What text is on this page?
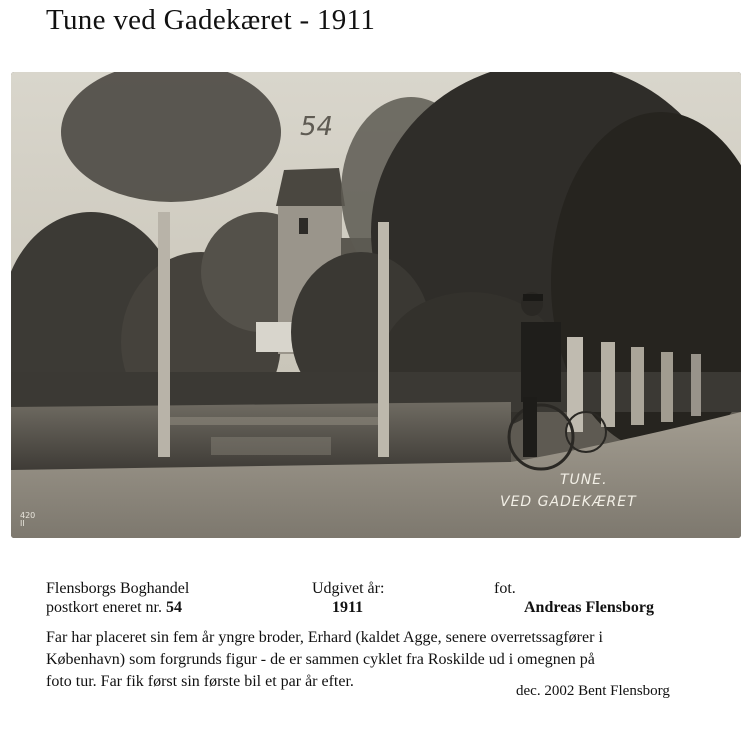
Tune ved Gadekæret - 1911
54
TUNE.
VED GADEKÆRET
420
II
Flensborgs Boghandel
postkort eneret nr. 54
Udgivet år:
1911
fot.
Andreas Flensborg
Far har placeret sin fem år yngre broder, Erhard (kaldet Agge, senere overretssagfører i
København) som forgrunds figur - de er sammen cyklet fra Roskilde ud i omegnen på
foto tur. Far fik først sin første bil et par år efter.
dec. 2002 Bent Flensborg
